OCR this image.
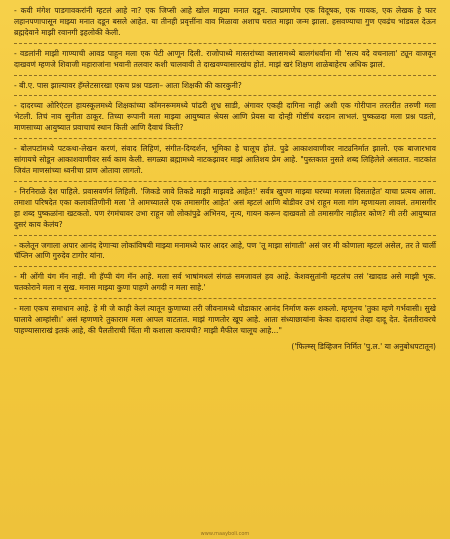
- कवी मंगेश पाडगावकरांनी म्हटलं आहे ना? एक जिप्सी आहे खोल माझ्या मनात दडून. त्याप्रमाणेच एक विदूषक, एक गायक, एक लेखक हे फार लहानपणापासून माझ्या मनात दडून बसले आहेत. या तीनही प्रवृत्तींना वाव मिळावा अशाच घरात माझा जन्म झाला. हसवण्याचा गुण एवढंच भांडवल देऊन ब्रह्मदेवाने माझी रवानगी इहलोकी केली.

- वडलांनी माझी गाण्याची आवड पाहून मला एक पेटी आणून दिली. राजोपाध्ये मास्तरांच्या क्लासमध्ये बालगंधर्वांना मी 'सत्य वदे वचनाला' ट्यून वाजवून दाखवणं म्हणजे शिवाजी महाराजांना भवानी तलवार कशी चालवावी ते दाखवण्यासारखंच होतं. माझं खरं शिक्षण शाळेबाहेरच अधिक झालं.

- बी.ए. पास झाल्यावर हॅम्लेटसारखा एकच प्रश्न पडला– आता शिक्षकी की कारकुनी?

- दादरच्या ओरिएंटल हायस्कूलमध्ये शिक्षकांच्या कॉमनरूममध्ये पांढरी शुभ्र साडी, अंगावर एकही दागिना नाही अशी एक गोरीपान तरतरीत तरुणी मला भेटली. तिचं नाव सुनीता ठाकूर. तिच्या रूपानी मला माझ्या आयुष्यात श्रेयस आणि प्रेयस या दोन्ही गोष्टींचं वरदान लाभलं. पुष्कळदा मला प्रश्न पडतो, माणसाच्या आयुष्यात प्रवाचाचं स्थान किती आणि दैवाचं किती?

- बोलपटांमध्ये पटकथा-लेखन करणं, संवाद लिहिणं, संगीत-दिग्दर्शन, भूमिका हे चालूच होतं. पुढे आकाशवाणीवर नाट्यनिर्मात झालो. एक बाजारभाव सांगायचे सोडून आकाशवाणीवर सर्व काम केली. सगळ्या ब्रह्मामध्ये नाटकझावर माझं आतिशय प्रेम आहे. "पुस्तकात नुसते शब्द लिहिलेले असतात. नाटकांत जिवंत माणसांच्या ध्वनीचा प्राण ओतावा लागतो.

- निरनिराळे देश पाहिले. प्रवासवर्णनं लिहिली. 'जिकडे जावे तिकडे माझी माझवडे आहेत!' सर्वत्र खुपण माझ्या घरच्या मजला दिसताहेत' याचा प्रत्यय आला. तमाशा परिषदेत एका कलावंतिणीनी मला 'ते आमच्यातले एक तमासगीर आहेत' असं म्हटलं आणि बोडीवर उभं राहून मला गांग म्हणायला लावलं. तमासगीर हा शब्द पुष्कळांना खटकतो. पण रंगमंचावर उभा राहून जो लोकांपुढे अभिनय, नृत्य, गायन करून दाखवतो तो तमासगीर नाहीतर कोण? मी तरी आयुष्यात दुसरं काय केलंय?

- कलेतून जगाला अपार आनंद देणाऱ्या लोकांविषयी माझ्या मनामध्ये फार आदर आहे, पण 'तू माझा सांगाती' असं जर मी कोणाला म्हटलं असेल, तर ते चार्ली चॅप्लिन आणि गुरुदेव टागोर यांना.

- मी ओंगी यंग मॅन नाही. मी हॅप्पी यंग मॅन आहे. मला सर्व भाषांमधलं संगळं समजावलं हव आहे. केशवसुतांनी म्हटलंच तसं 'खादाड असे माझी भूक. चतकोराने मला न सुख. मनास माझ्या कुणा पाहणे अगदी न मला साहे.'

- मला एकच समाधान आहे. हे मी जे काही केलं त्यातून कुणाच्या तरी जीवनामध्ये थोडाकार आनंद निर्माण करू शकलो. म्हणूनच 'तुका म्हणे गर्भवासी। सुखे घालावे आम्हांसी।' असं म्हणणारे तुकाराम मला आपल वाटतात. माझं गाणतोर खूप आहे. आता संध्याछायांना केका दादाराचं तेव्हा दादू देत. देलतीरावरचे पाहण्यासाराखं इतकं आहे, की पैलतीराची चिंता मी कशाला करायची? माझी मैफील चालूच आहे..."

('फिल्म्स् डिव्हिजन निर्मित 'पु.ल.' या अनुबोधपटातून)

www.maayboli.com
